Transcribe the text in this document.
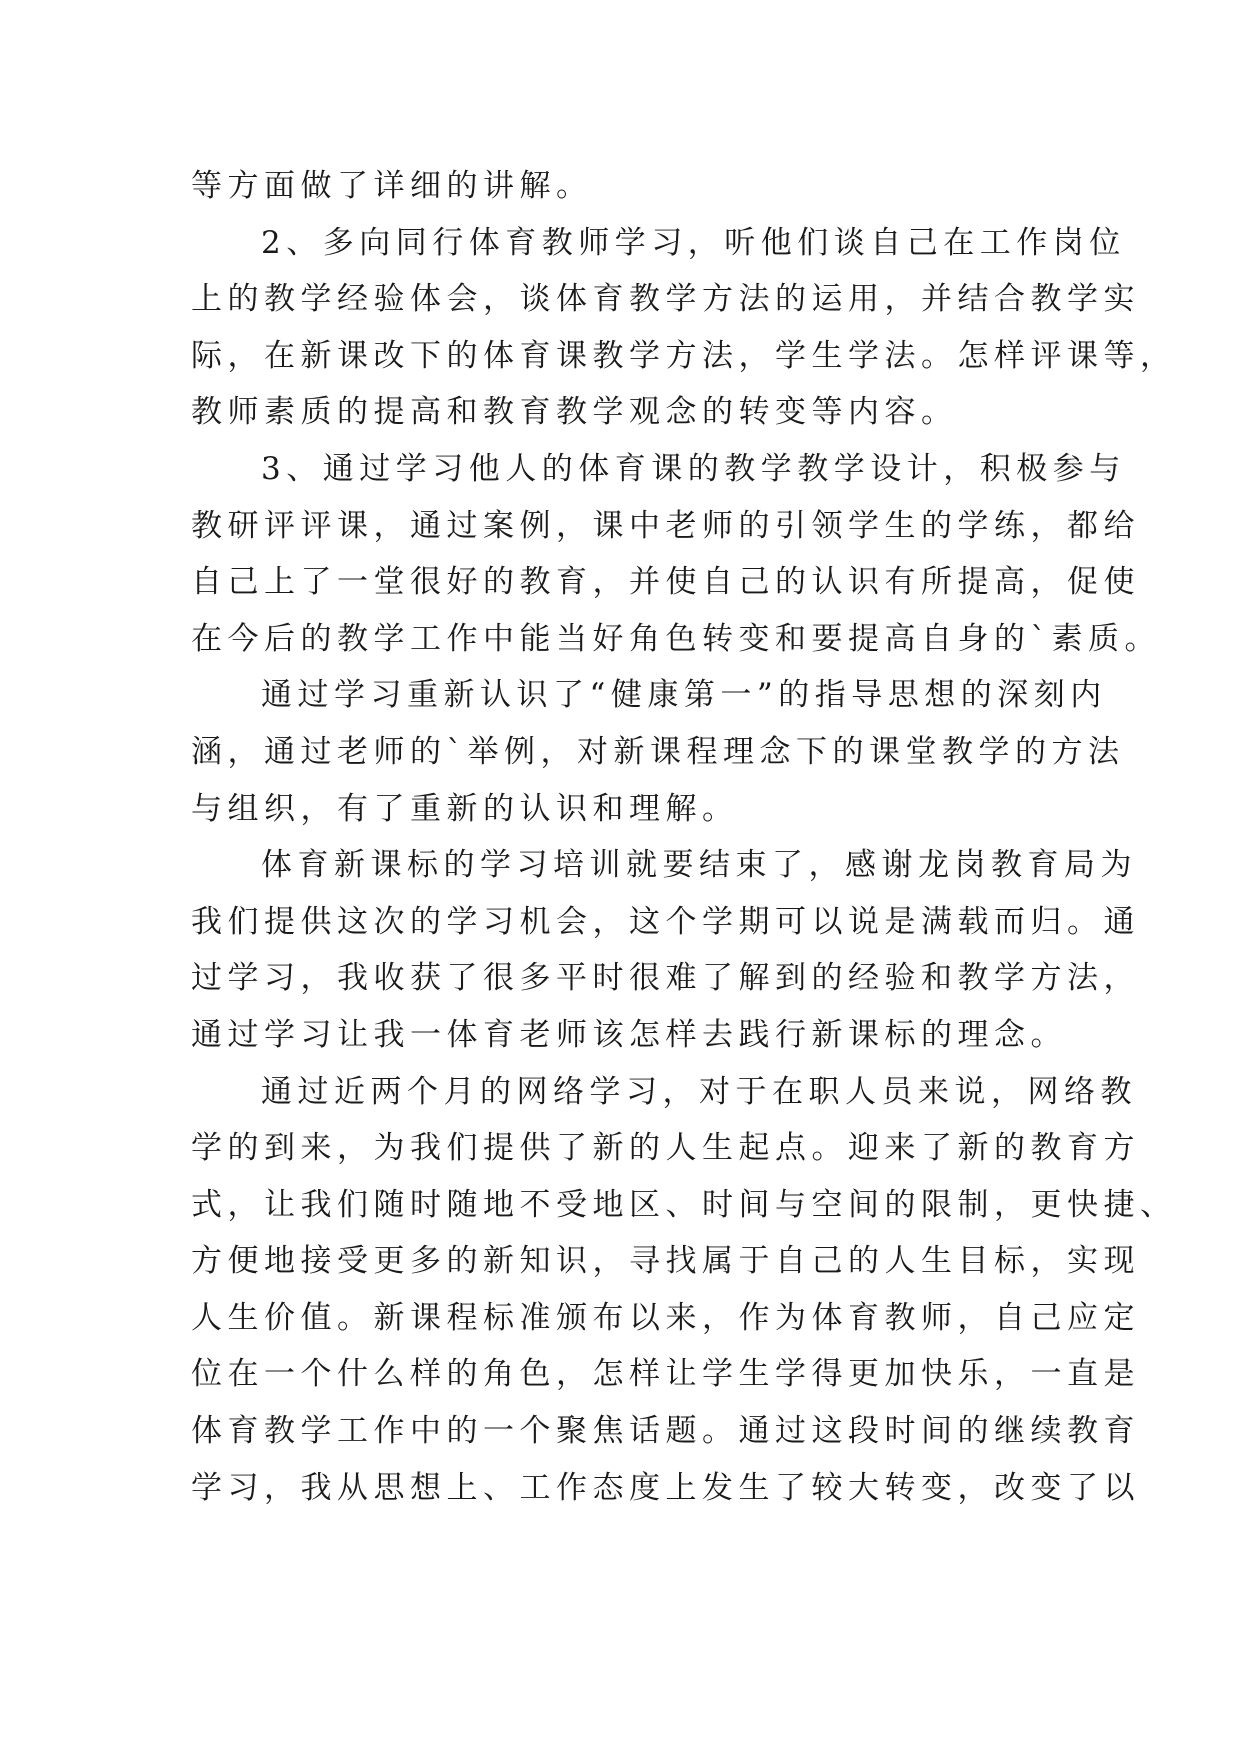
等方面做了详细的讲解。
2、多向同行体育教师学习，听他们谈自己在工作岗位
上的教学经验体会，谈体育教学方法的运用，并结合教学实
际，在新课改下的体育课教学方法，学生学法。怎样评课等，
教师素质的提高和教育教学观念的转变等内容。
3、通过学习他人的体育课的教学教学设计，积极参与
教研评评课，通过案例，课中老师的引领学生的学练，都给
自己上了一堂很好的教育，并使自己的认识有所提高，促使
在今后的教学工作中能当好角色转变和要提高自身的`素质。
通过学习重新认识了“健康第一”的指导思想的深刻内
涵，通过老师的`举例，对新课程理念下的课堂教学的方法
与组织，有了重新的认识和理解。
体育新课标的学习培训就要结束了，感谢龙岗教育局为
我们提供这次的学习机会，这个学期可以说是满载而归。通
过学习，我收获了很多平时很难了解到的经验和教学方法，
通过学习让我一体育老师该怎样去践行新课标的理念。
通过近两个月的网络学习，对于在职人员来说，网络教
学的到来，为我们提供了新的人生起点。迎来了新的教育方
式，让我们随时随地不受地区、时间与空间的限制，更快捷、
方便地接受更多的新知识，寻找属于自己的人生目标，实现
人生价值。新课程标准颁布以来，作为体育教师，自己应定
位在一个什么样的角色，怎样让学生学得更加快乐，一直是
体育教学工作中的一个聚焦话题。通过这段时间的继续教育
学习，我从思想上、工作态度上发生了较大转变，改变了以
